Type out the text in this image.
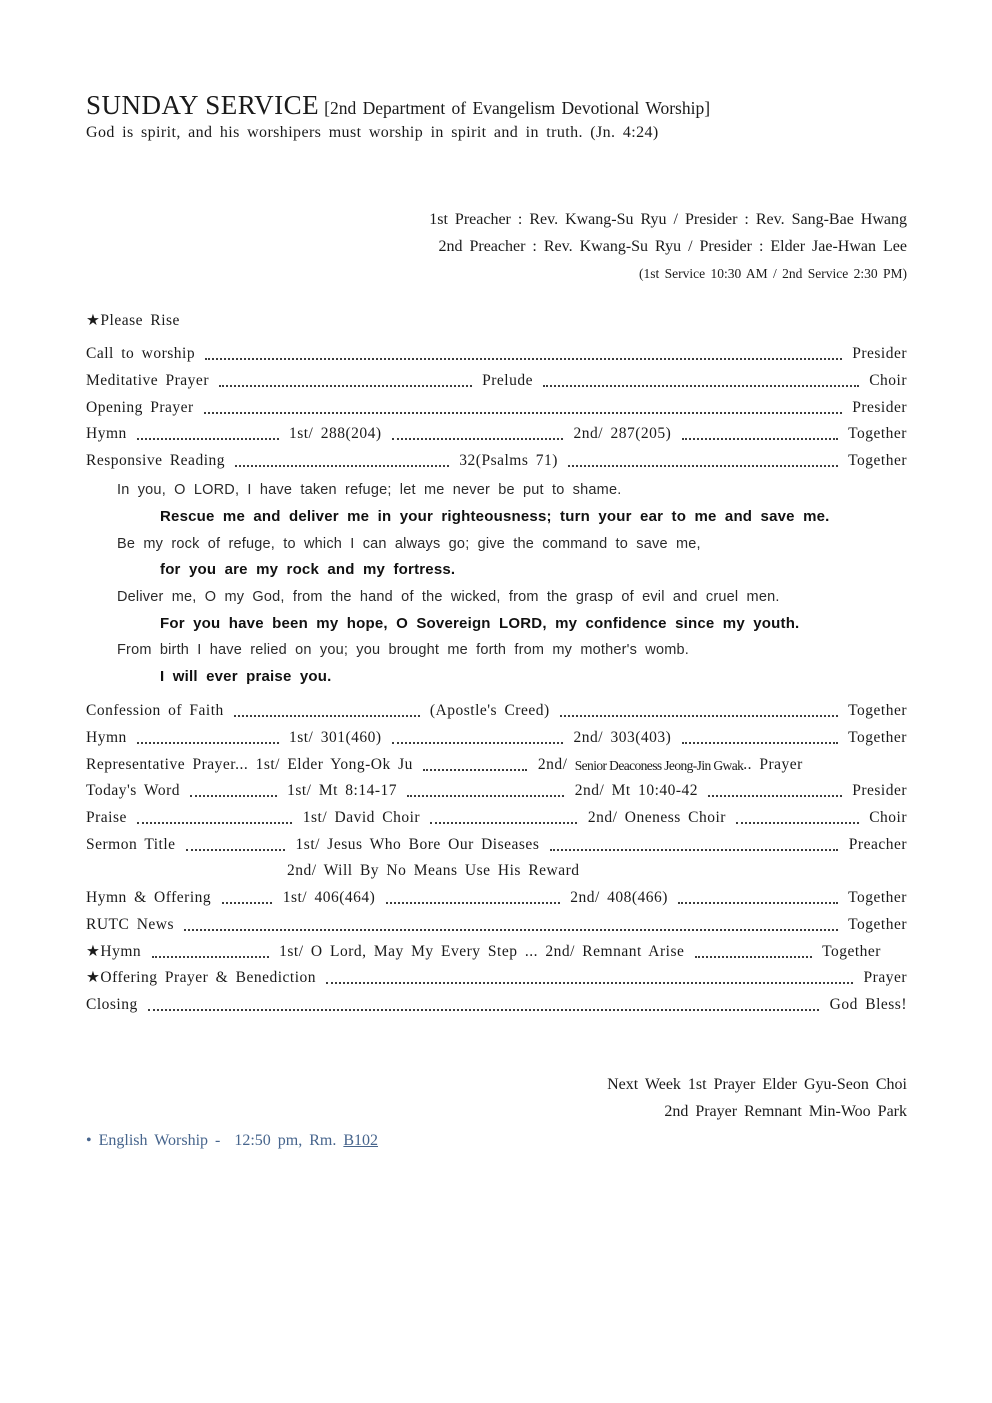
SUNDAY SERVICE [2nd Department of Evangelism Devotional Worship]
God is spirit, and his worshipers must worship in spirit and in truth. (Jn. 4:24)
1st Preacher : Rev. Kwang-Su Ryu / Presider : Rev. Sang-Bae Hwang
2nd Preacher : Rev. Kwang-Su Ryu / Presider : Elder Jae-Hwan Lee
(1st Service 10:30 AM / 2nd Service 2:30 PM)
★Please Rise
Call to worship	Presider
Meditative Prayer	Prelude	Choir
Opening Prayer	Presider
Hymn	1st/ 288(204)	2nd/ 287(205)	Together
Responsive Reading	32(Psalms 71)	Together
In you, O LORD, I have taken refuge; let me never be put to shame.
Rescue me and deliver me in your righteousness; turn your ear to me and save me.
Be my rock of refuge, to which I can always go; give the command to save me,
for you are my rock and my fortress.
Deliver me, O my God, from the hand of the wicked, from the grasp of evil and cruel men.
For you have been my hope, O Sovereign LORD, my confidence since my youth.
From birth I have relied on you; you brought me forth from my mother's womb.
I will ever praise you.
Confession of Faith	(Apostle's Creed)	Together
Hymn	1st/ 301(460)	2nd/ 303(403)	Together
Representative Prayer... 1st/ Elder Yong-Ok Ju	2nd/ Senior Deaconess Jeong-Jin Gwak .. Prayer
Today's Word	1st/ Mt 8:14-17	2nd/ Mt 10:40-42	Presider
Praise	1st/ David Choir	2nd/ Oneness Choir	Choir
Sermon Title	1st/ Jesus Who Bore Our Diseases	Preacher
2nd/ Will By No Means Use His Reward
Hymn & Offering	1st/ 406(464)	2nd/ 408(466)	Together
RUTC News	Together
★Hymn	1st/ O Lord, May My Every Step ... 2nd/ Remnant Arise	Together
★Offering Prayer & Benediction	Prayer
Closing	God Bless!
Next Week 1st Prayer Elder Gyu-Seon Choi
2nd Prayer Remnant Min-Woo Park
• English Worship -  12:50 pm, Rm. B102
